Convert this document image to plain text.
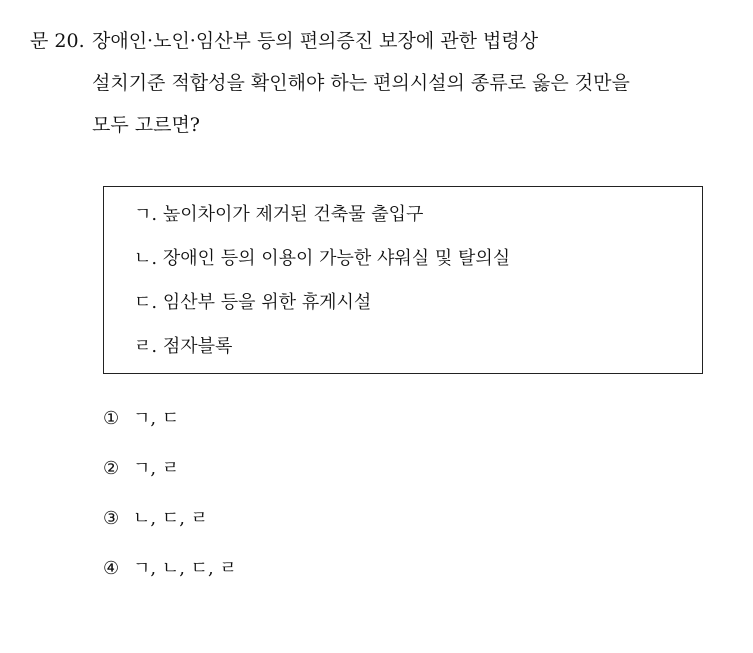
문 20. 장애인·노인·임산부 등의 편의증진 보장에 관한 법령상
설치기준 적합성을 확인해야 하는 편의시설의 종류로 옳은 것만을
모두 고르면?
ㄱ. 높이차이가 제거된 건축물 출입구
ㄴ. 장애인 등의 이용이 가능한 샤워실 및 탈의실
ㄷ. 임산부 등을 위한 휴게시설
ㄹ. 점자블록
① ㄱ, ㄷ
② ㄱ, ㄹ
③ ㄴ, ㄷ, ㄹ
④ ㄱ, ㄴ, ㄷ, ㄹ
